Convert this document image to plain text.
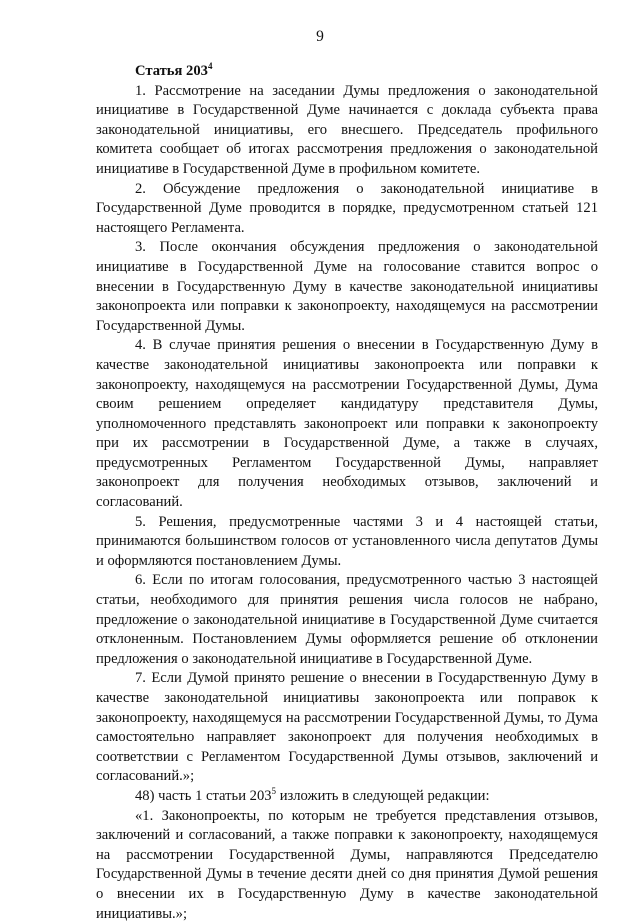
9

Статья $203^4$

1. Рассмотрение на заседании Думы предложения о законодательной инициативе в Государственной Думе начинается с доклада субъекта права законодательной инициативы, его внесшего. Председатель профильного комитета сообщает об итогах рассмотрения предложения о законодательной инициативе в Государственной Думе в профильном комитете.

2. Обсуждение предложения о законодательной инициативе в Государственной Думе проводится в порядке, предусмотренном статьей 121 настоящего Регламента.

3. После окончания обсуждения предложения о законодательной инициативе в Государственной Думе на голосование ставится вопрос о внесении в Государственную Думу в качестве законодательной инициативы законопроекта или поправки к законопроекту, находящемуся на рассмотрении Государственной Думы.

4. В случае принятия решения о внесении в Государственную Думу в качестве законодательной инициативы законопроекта или поправки к законопроекту, находящемуся на рассмотрении Государственной Думы, Дума своим решением определяет кандидатуру представителя Думы, уполномоченного представлять законопроект или поправки к законопроекту при их рассмотрении в Государственной Думе, а также в случаях, предусмотренных Регламентом Государственной Думы, направляет законопроект для получения необходимых отзывов, заключений и согласований.

5. Решения, предусмотренные частями 3 и 4 настоящей статьи, принимаются большинством голосов от установленного числа депутатов Думы и оформляются постановлением Думы.

6. Если по итогам голосования, предусмотренного частью 3 настоящей статьи, необходимого для принятия решения числа голосов не набрано, предложение о законодательной инициативе в Государственной Думе считается отклоненным. Постановлением Думы оформляется решение об отклонении предложения о законодательной инициативе в Государственной Думе.

7. Если Думой принято решение о внесении в Государственную Думу в качестве законодательной инициативы законопроекта или поправок к законопроекту, находящемуся на рассмотрении Государственной Думы, то Дума самостоятельно направляет законопроект для получения необходимых в соответствии с Регламентом Государственной Думы отзывов, заключений и согласований.»;

48) часть 1 статьи $203^5$ изложить в следующей редакции:

«1. Законопроекты, по которым не требуется представления отзывов, заключений и согласований, а также поправки к законопроекту, находящемуся на рассмотрении Государственной Думы, направляются Председателю Государственной Думы в течение десяти дней со дня принятия Думой решения о внесении их в Государственную Думу в качестве законодательной инициативы.»;
